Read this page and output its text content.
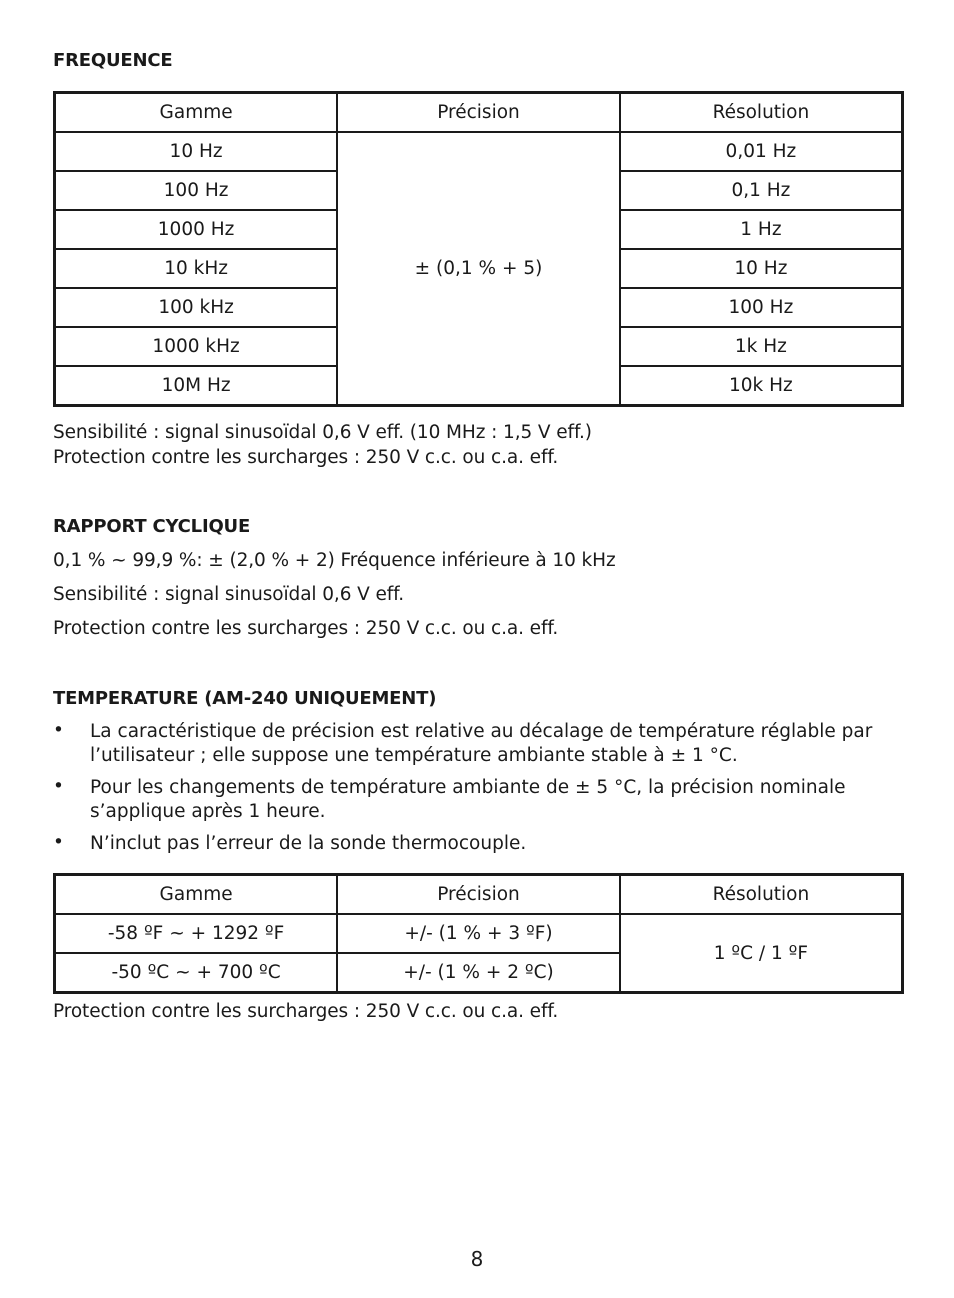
FREQUENCE
Gamme	Précision	Résolution
10 Hz	± (0,1 % + 5)	0,01 Hz
100 Hz		0,1 Hz
1000 Hz		1 Hz
10 kHz		10 Hz
100 kHz		100 Hz
1000 kHz		1k Hz
10M Hz		10k Hz
Sensibilité : signal sinusoïdal 0,6 V eff. (10 MHz : 1,5 V eff.)
Protection contre les surcharges : 250 V c.c. ou c.a. eff.
RAPPORT CYCLIQUE
0,1 % ~ 99,9 %: ± (2,0 % + 2) Fréquence inférieure à 10 kHz
Sensibilité : signal sinusoïdal 0,6 V eff.
Protection contre les surcharges : 250 V c.c. ou c.a. eff.
TEMPERATURE (AM-240 UNIQUEMENT)
• La caractéristique de précision est relative au décalage de température réglable par l’utilisateur ; elle suppose une température ambiante stable à ± 1 °C.
• Pour les changements de température ambiante de ± 5 °C, la précision nominale s’applique après 1 heure.
• N’inclut pas l’erreur de la sonde thermocouple.
Gamme	Précision	Résolution
-58 ºF ~ + 1292 ºF	+/- (1 % + 3 ºF)	1 ºC / 1 ºF
-50 ºC ~ + 700 ºC	+/- (1 % + 2 ºC)	
Protection contre les surcharges : 250 V c.c. ou c.a. eff.
8
